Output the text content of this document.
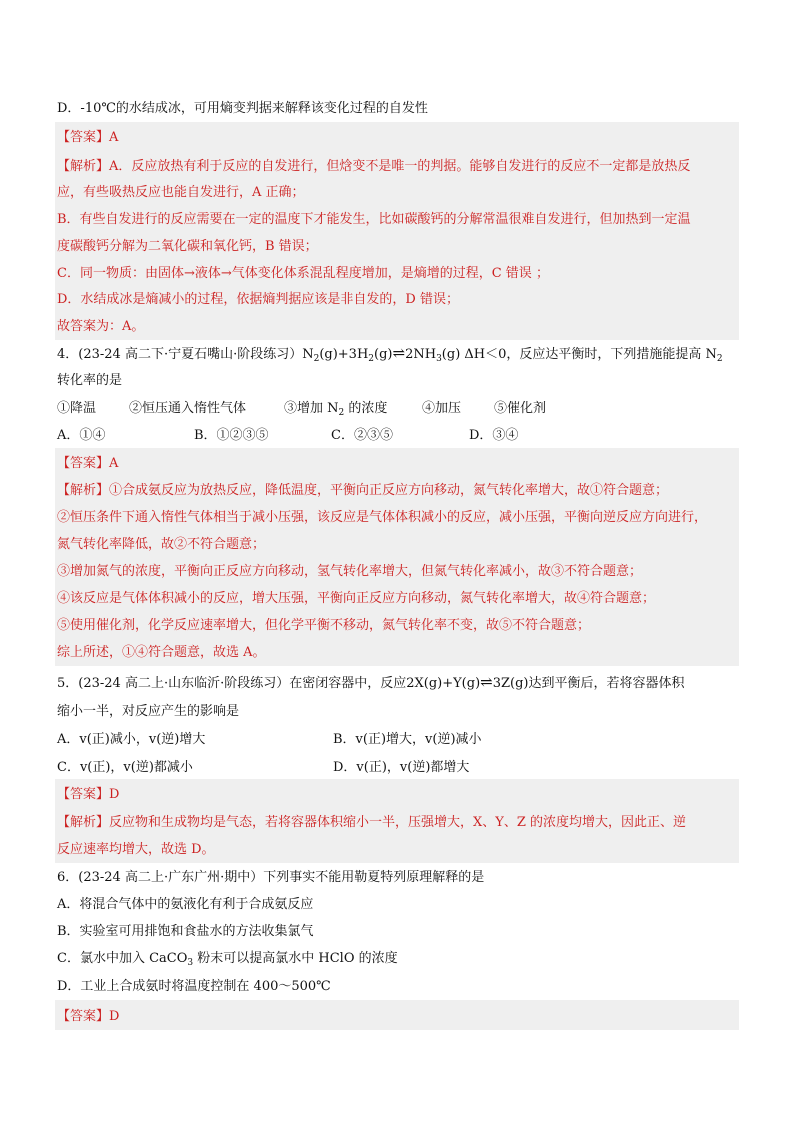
D．-10℃的水结成冰，可用熵变判据来解释该变化过程的自发性
【答案】A
【解析】A．反应放热有利于反应的自发进行，但焓变不是唯一的判据。能够自发进行的反应不一定都是放热反
应，有些吸热反应也能自发进行，A 正确；
B．有些自发进行的反应需要在一定的温度下才能发生，比如碳酸钙的分解常温很难自发进行，但加热到一定温
度碳酸钙分解为二氧化碳和氧化钙，B 错误；
C．同一物质：由固体→液体→气体变化体系混乱程度增加，是熵增的过程，C 错误 ；
D．水结成冰是熵减小的过程，依据熵判据应该是非自发的，D 错误；
故答案为：A。
4．(23-24 高二下·宁夏石嘴山·阶段练习）$N_2(g)+3H_2(g)\rightleftharpoons 2NH_3(g)$ ΔH＜0，反应达平衡时，下列措施能提高 $N_2$
转化率的是
①降温	②恒压通入惰性气体	③增加 $N_2$ 的浓度	④加压	⑤催化剂
A．①④	B．①②③⑤	C．②③⑤	D．③④
【答案】A
【解析】①合成氨反应为放热反应，降低温度，平衡向正反应方向移动，氮气转化率增大，故①符合题意；
②恒压条件下通入惰性气体相当于减小压强，该反应是气体体积减小的反应，减小压强，平衡向逆反应方向进行，
氮气转化率降低，故②不符合题意；
③增加氮气的浓度，平衡向正反应方向移动，氢气转化率增大，但氮气转化率减小，故③不符合题意；
④该反应是气体体积减小的反应，增大压强，平衡向正反应方向移动，氮气转化率增大，故④符合题意；
⑤使用催化剂，化学反应速率增大，但化学平衡不移动，氮气转化率不变，故⑤不符合题意；
综上所述，①④符合题意，故选 A。
5．(23-24 高二上·山东临沂·阶段练习）在密闭容器中，反应2X(g)+Y(g)⇌3Z(g)达到平衡后，若将容器体积
缩小一半，对反应产生的影响是
A．v(正)减小，v(逆)增大	B．v(正)增大，v(逆)减小
C．v(正)，v(逆)都减小	D．v(正)，v(逆)都增大
【答案】D
【解析】反应物和生成物均是气态，若将容器体积缩小一半，压强增大，X、Y、Z 的浓度均增大，因此正、逆
反应速率均增大，故选 D。
6．(23-24 高二上·广东广州·期中）下列事实不能用勒夏特列原理解释的是
A．将混合气体中的氨液化有利于合成氨反应
B．实验室可用排饱和食盐水的方法收集氯气
C．氯水中加入 CaCO$_3$ 粉末可以提高氯水中 HClO 的浓度
D．工业上合成氨时将温度控制在 400～500℃
【答案】D
